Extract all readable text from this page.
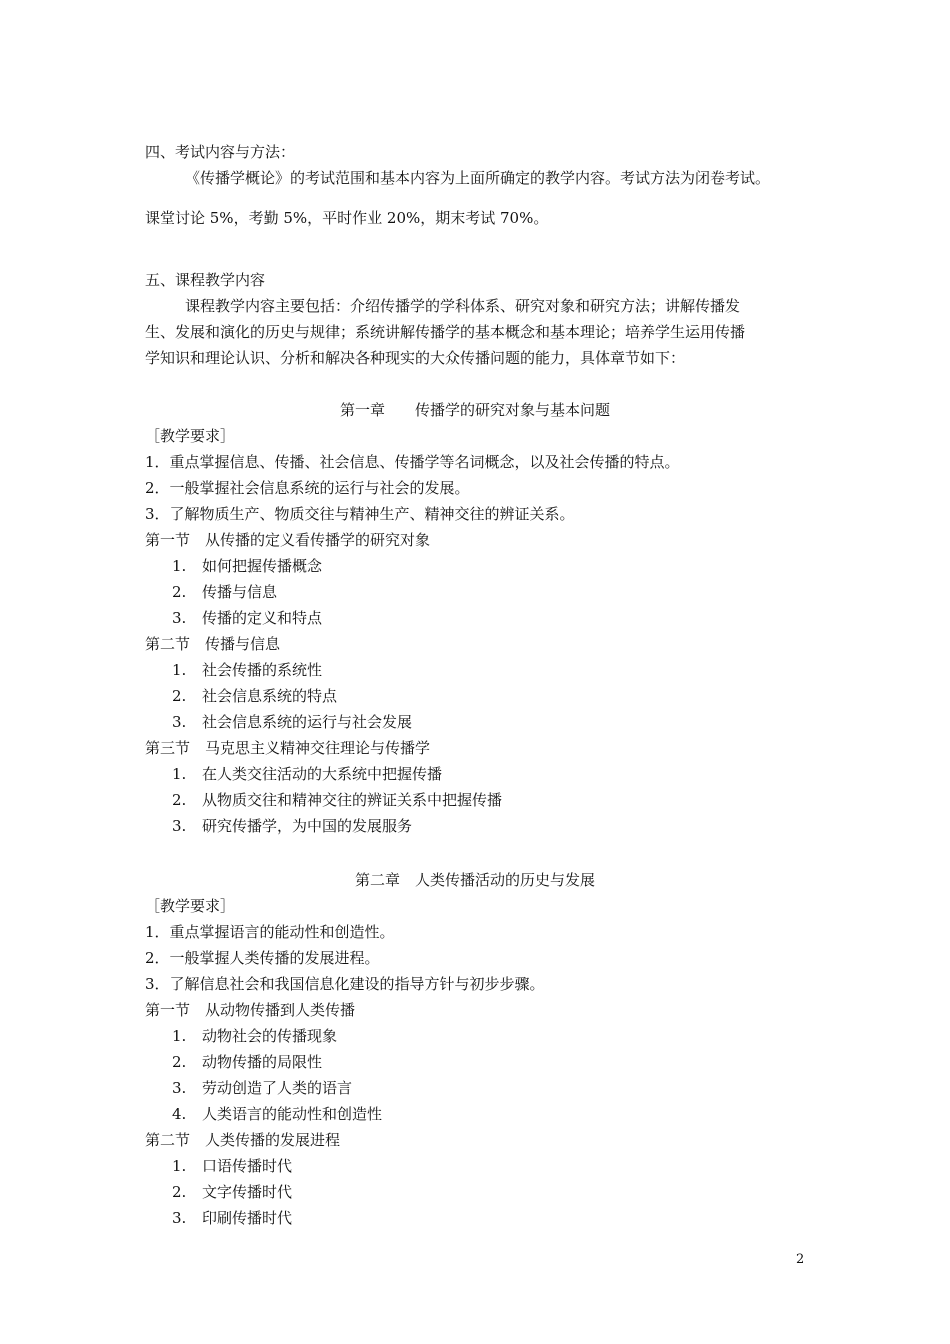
四、考试内容与方法：
《传播学概论》的考试范围和基本内容为上面所确定的教学内容。考试方法为闭卷考试。
课堂讨论 5%，考勤 5%，平时作业 20%，期末考试 70%。
五、课程教学内容
课程教学内容主要包括：介绍传播学的学科体系、研究对象和研究方法；讲解传播发
生、发展和演化的历史与规律；系统讲解传播学的基本概念和基本理论；培养学生运用传播
学知识和理论认识、分析和解决各种现实的大众传播问题的能力，具体章节如下：
第一章　　传播学的研究对象与基本问题
［教学要求］
1．重点掌握信息、传播、社会信息、传播学等名词概念，以及社会传播的特点。
2．一般掌握社会信息系统的运行与社会的发展。
3．了解物质生产、物质交往与精神生产、精神交往的辨证关系。
第一节　从传播的定义看传播学的研究对象
1. 如何把握传播概念
2. 传播与信息
3. 传播的定义和特点
第二节　传播与信息
1. 社会传播的系统性
2. 社会信息系统的特点
3. 社会信息系统的运行与社会发展
第三节　马克思主义精神交往理论与传播学
1. 在人类交往活动的大系统中把握传播
2. 从物质交往和精神交往的辨证关系中把握传播
3. 研究传播学，为中国的发展服务
第二章　人类传播活动的历史与发展
［教学要求］
1．重点掌握语言的能动性和创造性。
2．一般掌握人类传播的发展进程。
3．了解信息社会和我国信息化建设的指导方针与初步步骤。
第一节　从动物传播到人类传播
1. 动物社会的传播现象
2. 动物传播的局限性
3. 劳动创造了人类的语言
4. 人类语言的能动性和创造性
第二节　人类传播的发展进程
1. 口语传播时代
2. 文字传播时代
3. 印刷传播时代
2
